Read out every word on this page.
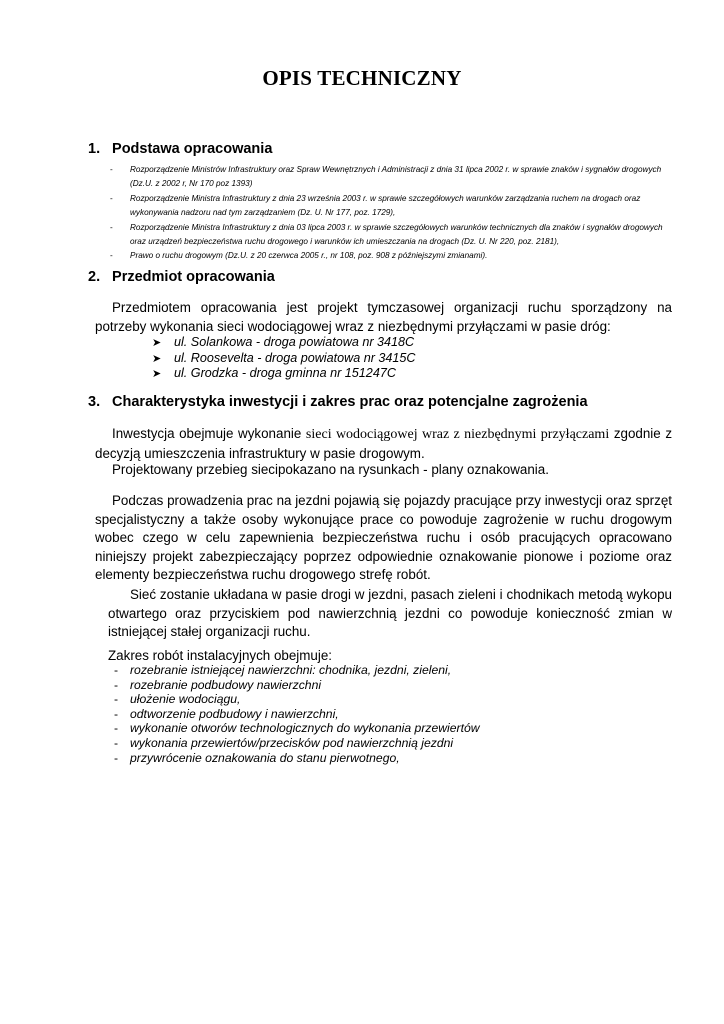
OPIS TECHNICZNY
1. Podstawa opracowania
- Rozporządzenie Ministrów Infrastruktury oraz Spraw Wewnętrznych i Administracji z dnia 31 lipca 2002 r. w sprawie znaków i sygnałów drogowych (Dz.U. z 2002 r, Nr 170 poz 1393)
- Rozporządzenie Ministra Infrastruktury z dnia 23 września 2003 r. w sprawie szczegółowych warunków zarządzania ruchem na drogach oraz wykonywania nadzoru nad tym zarządzaniem (Dz. U. Nr 177, poz. 1729),
- Rozporządzenie Ministra Infrastruktury z dnia 03 lipca 2003 r. w sprawie szczegółowych warunków technicznych dla znaków i sygnałów drogowych oraz urządzeń bezpieczeństwa ruchu drogowego i warunków ich umieszczania na drogach (Dz. U. Nr 220, poz. 2181),
- Prawo o ruchu drogowym (Dz.U. z 20 czerwca 2005 r., nr 108, poz. 908 z późniejszymi zmianami).
2. Przedmiot opracowania
Przedmiotem opracowania jest projekt tymczasowej organizacji ruchu sporządzony na potrzeby wykonania sieci wodociągowej wraz z niezbędnymi przyłączami w pasie dróg:
➤ ul. Solankowa - droga powiatowa nr 3418C
➤ ul. Roosevelta - droga powiatowa nr 3415C
➤ ul. Grodzka - droga gminna nr 151247C
3. Charakterystyka inwestycji i zakres prac oraz potencjalne zagrożenia
Inwestycja obejmuje wykonanie sieci wodociągowej wraz z niezbędnymi przyłączami zgodnie z decyzją umieszczenia infrastruktury w pasie drogowym.
Projektowany przebieg siecipokazano na rysunkach - plany oznakowania.
Podczas prowadzenia prac na jezdni pojawią się pojazdy pracujące przy inwestycji oraz sprzęt specjalistyczny a także osoby wykonujące prace co powoduje zagrożenie w ruchu drogowym wobec czego w celu zapewnienia bezpieczeństwa ruchu i osób pracujących opracowano niniejszy projekt zabezpieczający poprzez odpowiednie oznakowanie pionowe i poziome oraz elementy bezpieczeństwa ruchu drogowego strefę robót.
Sieć zostanie układana w pasie drogi w jezdni, pasach zieleni i chodnikach metodą wykopu otwartego oraz przyciskiem pod nawierzchnią jezdni co powoduje konieczność zmian w istniejącej stałej organizacji ruchu.
Zakres robót instalacyjnych obejmuje:
- rozebranie istniejącej nawierzchni: chodnika, jezdni, zieleni,
- rozebranie podbudowy nawierzchni
- ułożenie wodociągu,
- odtworzenie podbudowy i nawierzchni,
- wykonanie otworów technologicznych do wykonania przewiertów
- wykonania przewiertów/przecisków pod nawierzchnią jezdni
- przywrócenie oznakowania do stanu pierwotnego,
